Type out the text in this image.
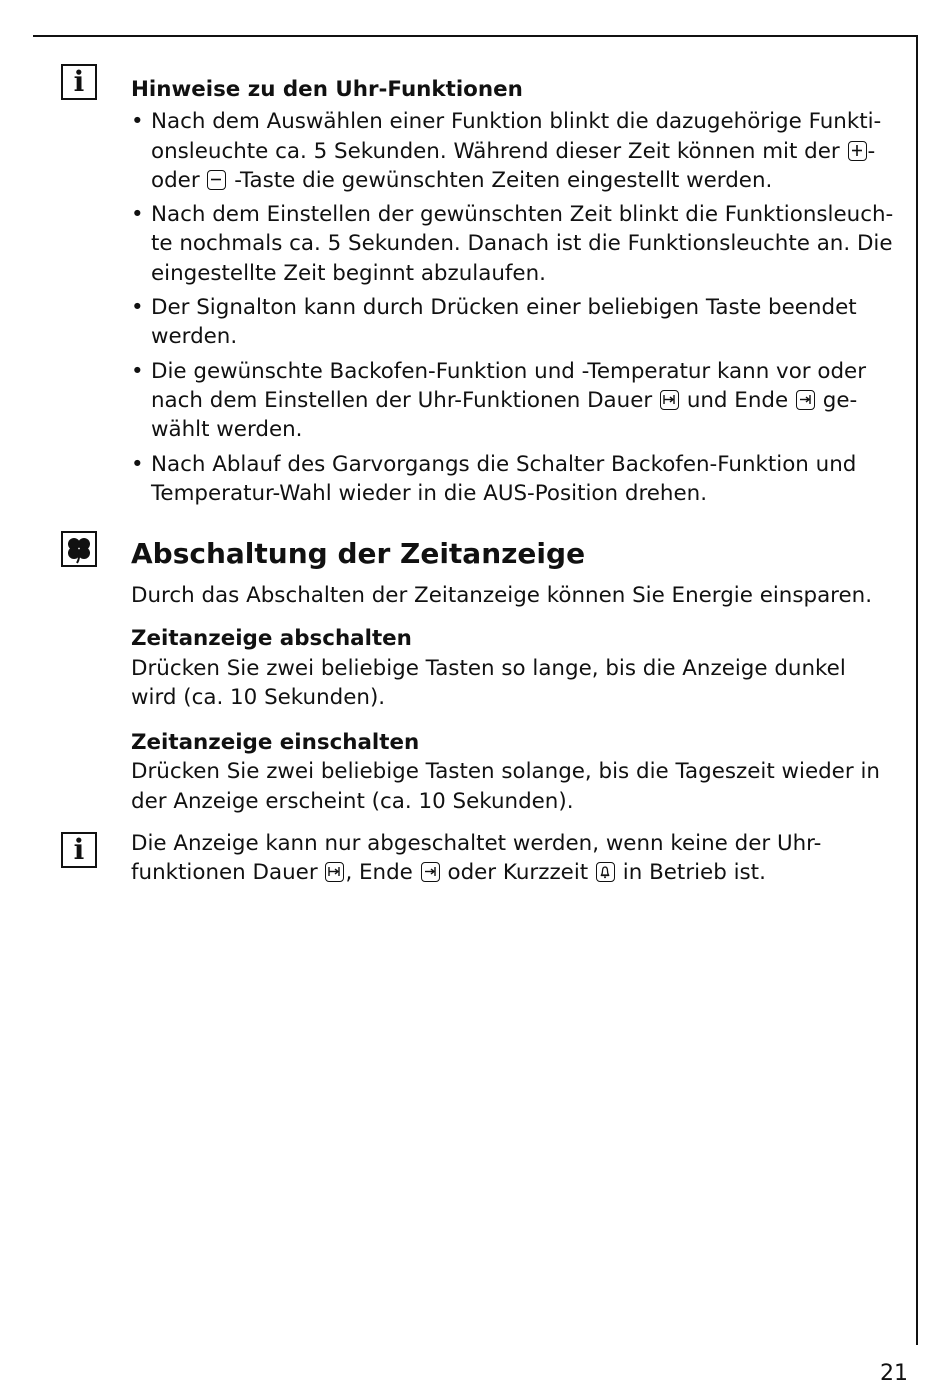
i Hinweise zu den Uhr-Funktionen
• Nach dem Auswählen einer Funktion blinkt die dazugehörige Funkti-onsleuchte ca. 5 Sekunden. Während dieser Zeit können mit der - oder -Taste die gewünschten Zeiten eingestellt werden.
• Nach dem Einstellen der gewünschten Zeit blinkt die Funktionsleuch-te nochmals ca. 5 Sekunden. Danach ist die Funktionsleuchte an. Die eingestellte Zeit beginnt abzulaufen.
• Der Signalton kann durch Drücken einer beliebigen Taste beendet werden.
• Die gewünschte Backofen-Funktion und -Temperatur kann vor oder nach dem Einstellen der Uhr-Funktionen Dauer und Ende ge-wählt werden.
• Nach Ablauf des Garvorgangs die Schalter Backofen-Funktion und Temperatur-Wahl wieder in die AUS-Position drehen.
Abschaltung der Zeitanzeige

Durch das Abschalten der Zeitanzeige können Sie Energie einsparen.

Zeitanzeige abschalten

Drücken Sie zwei beliebige Tasten so lange, bis die Anzeige dunkel wird (ca. 10 Sekunden).

Zeitanzeige einschalten

Drücken Sie zwei beliebige Tasten solange, bis die Tageszeit wieder in der Anzeige erscheint (ca. 10 Sekunden).

i Die Anzeige kann nur abgeschaltet werden, wenn keine der Uhr-funktionen Dauer , Ende oder Kurzzeit in Betrieb ist.
21
